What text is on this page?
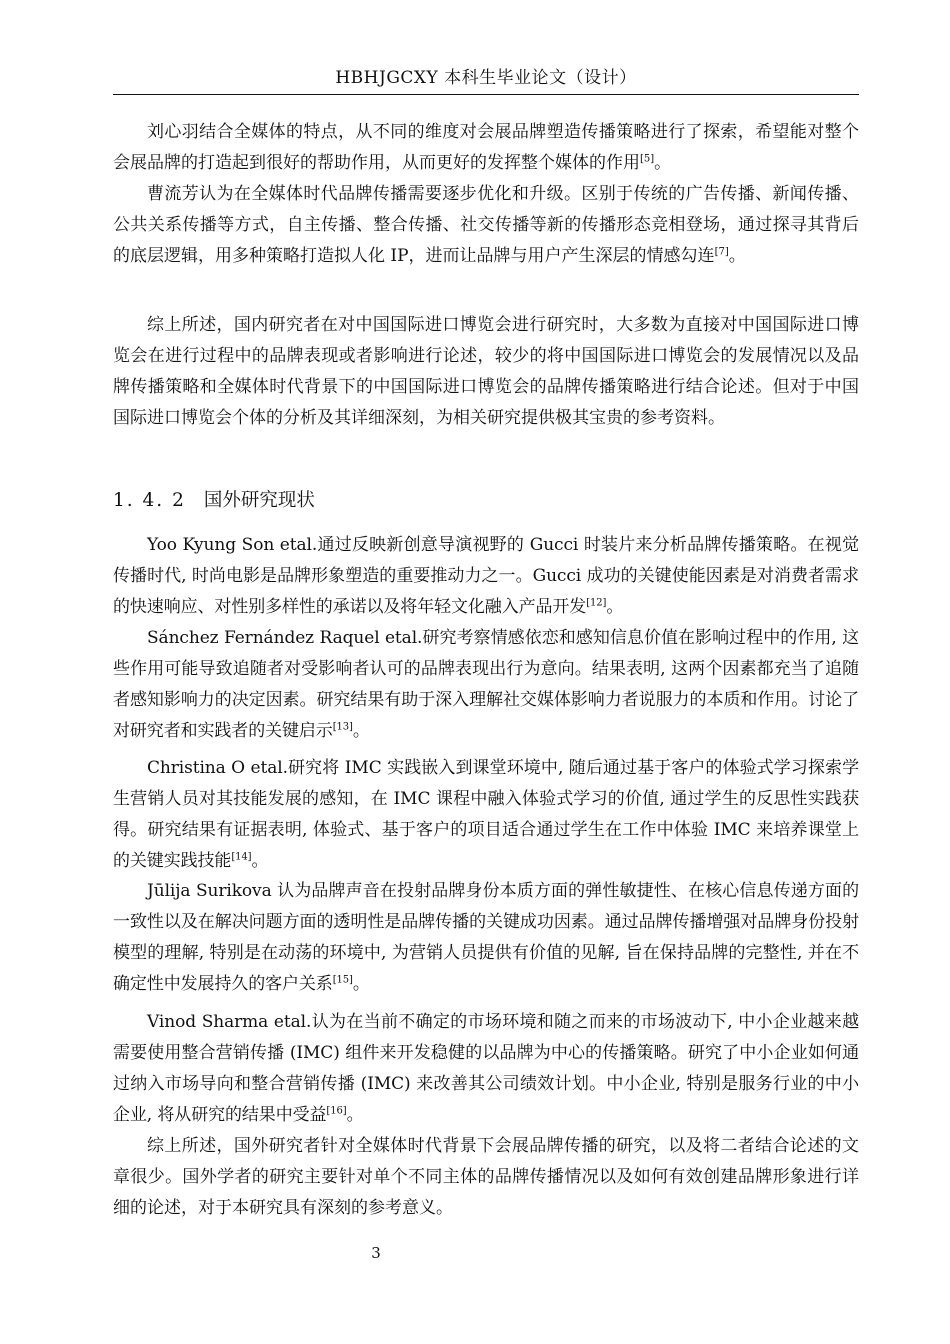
HBHJGCXY 本科生毕业论文（设计）

刘心羽结合全媒体的特点，从不同的维度对会展品牌塑造传播策略进行了探索，希望能对整个会展品牌的打造起到很好的帮助作用，从而更好的发挥整个媒体的作用[5]。

曹流芳认为在全媒体时代品牌传播需要逐步优化和升级。区别于传统的广告传播、新闻传播、公共关系传播等方式，自主传播、整合传播、社交传播等新的传播形态竞相登场，通过探寻其背后的底层逻辑，用多种策略打造拟人化 IP，进而让品牌与用户产生深层的情感勾连[7]。

综上所述，国内研究者在对中国国际进口博览会进行研究时，大多数为直接对中国国际进口博览会在进行过程中的品牌表现或者影响进行论述，较少的将中国国际进口博览会的发展情况以及品牌传播策略和全媒体时代背景下的中国国际进口博览会的品牌传播策略进行结合论述。但对于中国国际进口博览会个体的分析及其详细深刻，为相关研究提供极其宝贵的参考资料。

1. 4. 2 国外研究现状

Yoo Kyung Son etal.通过反映新创意导演视野的 Gucci 时装片来分析品牌传播策略。在视觉传播时代, 时尚电影是品牌形象塑造的重要推动力之一。Gucci 成功的关键使能因素是对消费者需求的快速响应、对性别多样性的承诺以及将年轻文化融入产品开发[12]。

Sánchez Fernández Raquel etal.研究考察情感依恋和感知信息价值在影响过程中的作用, 这些作用可能导致追随者对受影响者认可的品牌表现出行为意向。结果表明, 这两个因素都充当了追随者感知影响力的决定因素。研究结果有助于深入理解社交媒体影响力者说服力的本质和作用。讨论了对研究者和实践者的关键启示[13]。

Christina O etal.研究将 IMC 实践嵌入到课堂环境中, 随后通过基于客户的体验式学习探索学生营销人员对其技能发展的感知，在 IMC 课程中融入体验式学习的价值, 通过学生的反思性实践获得。研究结果有证据表明, 体验式、基于客户的项目适合通过学生在工作中体验 IMC 来培养课堂上的关键实践技能[14]。

Jūlija Surikova 认为品牌声音在投射品牌身份本质方面的弹性敏捷性、在核心信息传递方面的一致性以及在解决问题方面的透明性是品牌传播的关键成功因素。通过品牌传播增强对品牌身份投射模型的理解, 特别是在动荡的环境中, 为营销人员提供有价值的见解, 旨在保持品牌的完整性, 并在不确定性中发展持久的客户关系[15]。

Vinod Sharma etal.认为在当前不确定的市场环境和随之而来的市场波动下, 中小企业越来越需要使用整合营销传播 (IMC) 组件来开发稳健的以品牌为中心的传播策略。研究了中小企业如何通过纳入市场导向和整合营销传播 (IMC) 来改善其公司绩效计划。中小企业, 特别是服务行业的中小企业, 将从研究的结果中受益[16]。

综上所述，国外研究者针对全媒体时代背景下会展品牌传播的研究，以及将二者结合论述的文章很少。国外学者的研究主要针对单个不同主体的品牌传播情况以及如何有效创建品牌形象进行详细的论述，对于本研究具有深刻的参考意义。

3
